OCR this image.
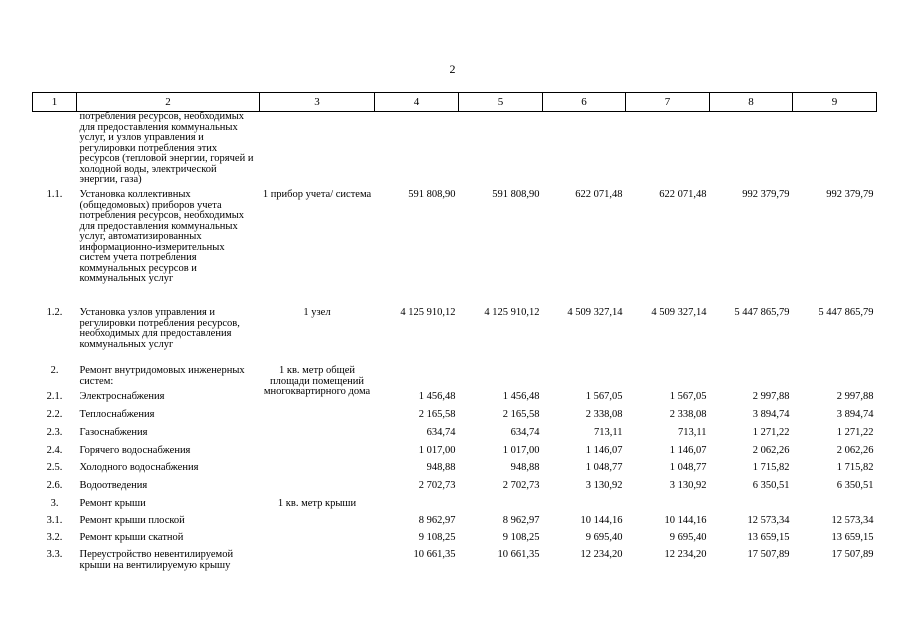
2
1	2	3	4	5	6	7	8	9
	потребления ресурсов, необходимых для предоставления коммунальных услуг, и узлов управления и регулировки потребления этих ресурсов (тепловой энергии, горячей и холодной воды, электрической энергии, газа)							
1.1.	Установка коллективных (общедомовых) приборов учета потребления ресурсов, необходимых для предоставления коммунальных услуг, автоматизированных информационно-измерительных систем учета потребления коммунальных ресурсов и коммунальных услуг	1 прибор учета/ система	591 808,90	591 808,90	622 071,48	622 071,48	992 379,79	992 379,79
1.2.	Установка узлов управления и регулировки потребления ресурсов, необходимых для предоставления коммунальных услуг	1 узел	4 125 910,12	4 125 910,12	4 509 327,14	4 509 327,14	5 447 865,79	5 447 865,79
2.	Ремонт внутридомовых инженерных систем:	1 кв. метр общей площади помещений многоквартирного дома						
2.1.	Электроснабжения		1 456,48	1 456,48	1 567,05	1 567,05	2 997,88	2 997,88
2.2.	Теплоснабжения		2 165,58	2 165,58	2 338,08	2 338,08	3 894,74	3 894,74
2.3.	Газоснабжения		634,74	634,74	713,11	713,11	1 271,22	1 271,22
2.4.	Горячего водоснабжения		1 017,00	1 017,00	1 146,07	1 146,07	2 062,26	2 062,26
2.5.	Холодного водоснабжения		948,88	948,88	1 048,77	1 048,77	1 715,82	1 715,82
2.6.	Водоотведения		2 702,73	2 702,73	3 130,92	3 130,92	6 350,51	6 350,51
3.	Ремонт крыши	1 кв. метр крыши						
3.1.	Ремонт крыши плоской		8 962,97	8 962,97	10 144,16	10 144,16	12 573,34	12 573,34
3.2.	Ремонт крыши скатной		9 108,25	9 108,25	9 695,40	9 695,40	13 659,15	13 659,15
3.3.	Переустройство невентилируемой крыши на вентилируемую крышу		10 661,35	10 661,35	12 234,20	12 234,20	17 507,89	17 507,89
